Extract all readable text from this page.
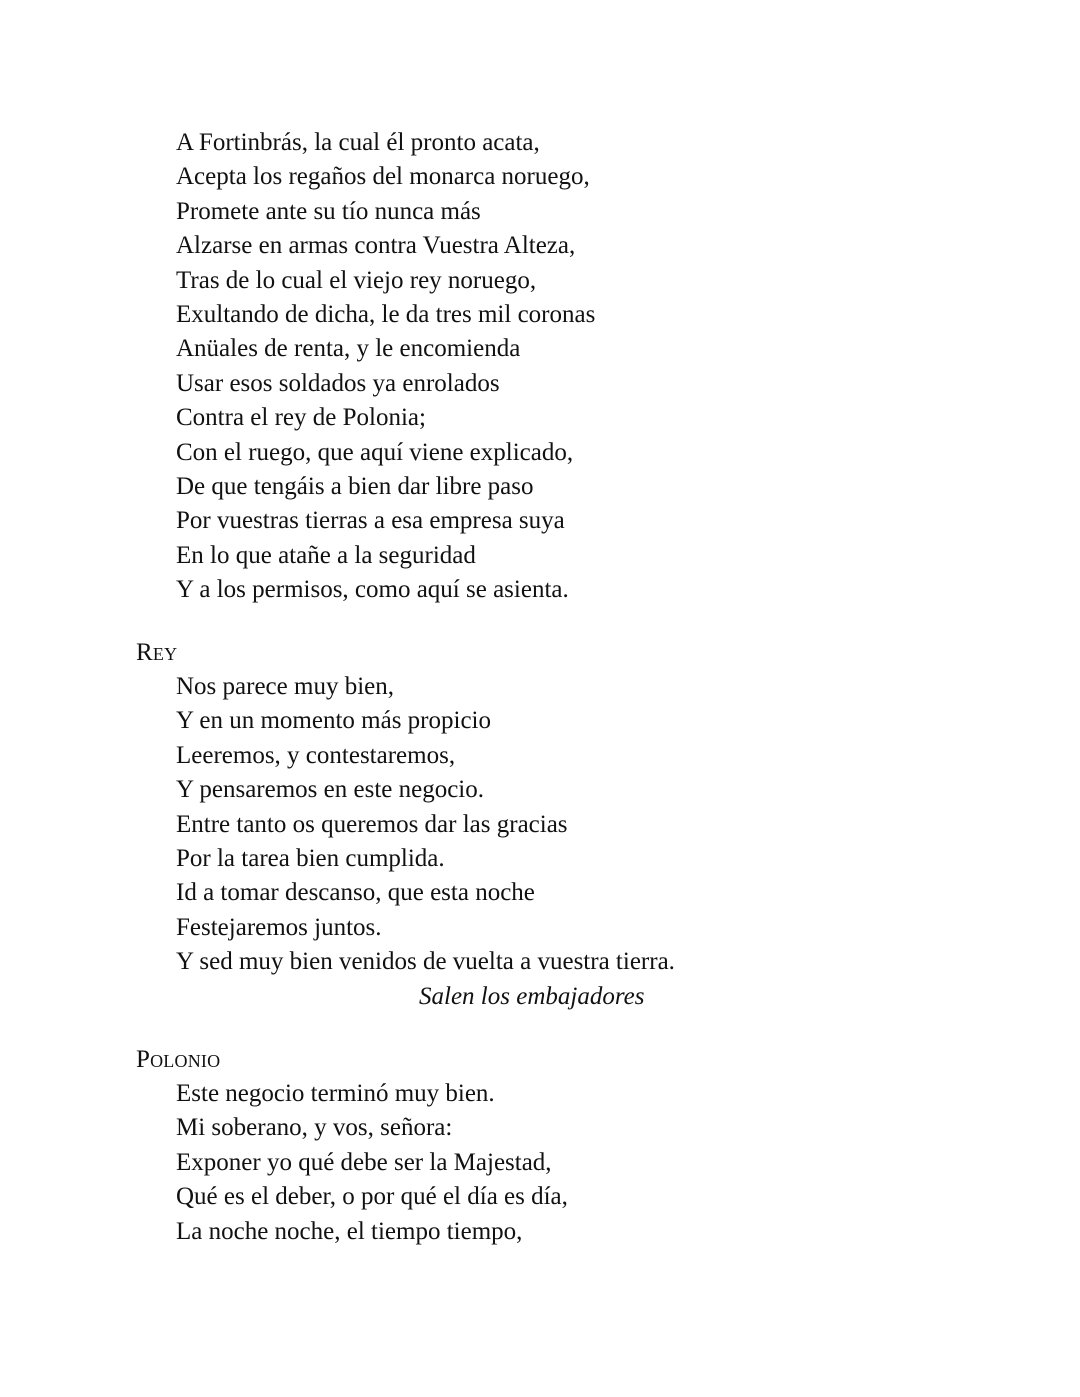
A Fortinbrás, la cual él pronto acata,
Acepta los regaños del monarca noruego,
Promete ante su tío nunca más
Alzarse en armas contra Vuestra Alteza,
Tras de lo cual el viejo rey noruego,
Exultando de dicha, le da tres mil coronas
Anüales de renta, y le encomienda
Usar esos soldados ya enrolados
Contra el rey de Polonia;
Con el ruego, que aquí viene explicado,
De que tengáis a bien dar libre paso
Por vuestras tierras a esa empresa suya
En lo que atañe a la seguridad
Y a los permisos, como aquí se asienta.
Rey
Nos parece muy bien,
Y en un momento más propicio
Leeremos, y contestaremos,
Y pensaremos en este negocio.
Entre tanto os queremos dar las gracias
Por la tarea bien cumplida.
Id a tomar descanso, que esta noche
Festejaremos juntos.
Y sed muy bien venidos de vuelta a vuestra tierra.
Salen los embajadores
Polonio
Este negocio terminó muy bien.
Mi soberano, y vos, señora:
Exponer yo qué debe ser la Majestad,
Qué es el deber, o por qué el día es día,
La noche noche, el tiempo tiempo,
